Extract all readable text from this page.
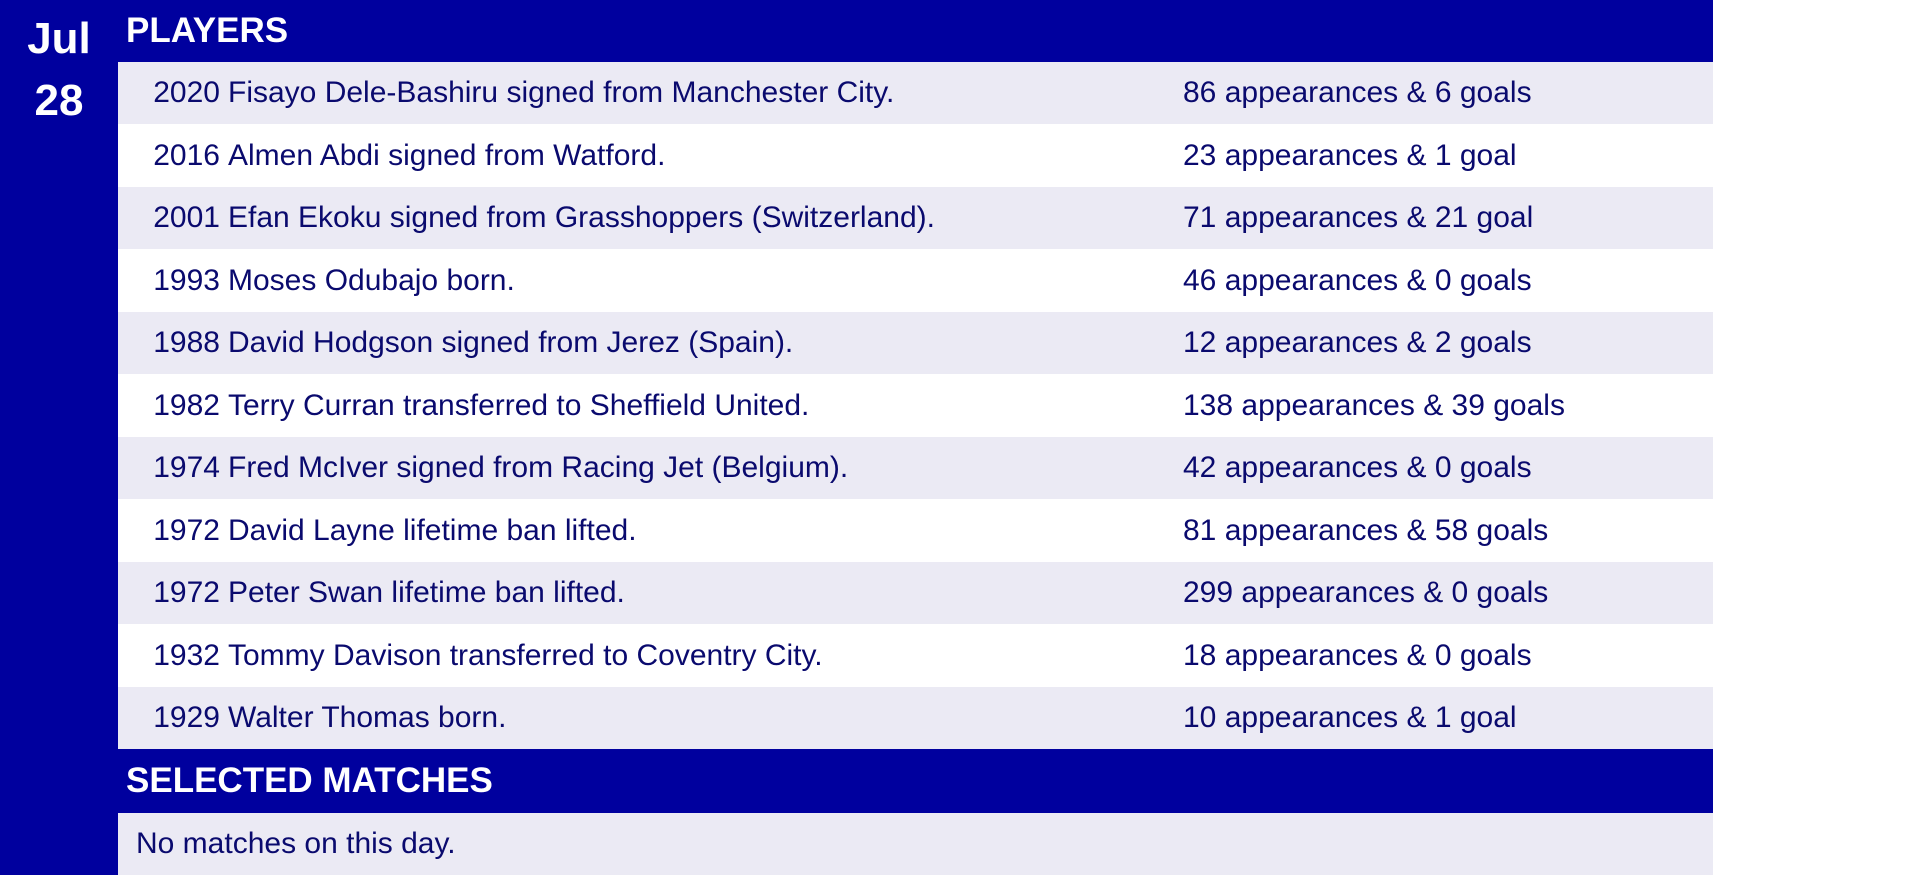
Jul
28
PLAYERS
2020 Fisayo Dele-Bashiru signed from Manchester City.	86 appearances & 6 goals
2016 Almen Abdi signed from Watford.	23 appearances & 1 goal
2001 Efan Ekoku signed from Grasshoppers (Switzerland).	71 appearances & 21 goal
1993 Moses Odubajo born.	46 appearances & 0 goals
1988 David Hodgson signed from Jerez (Spain).	12 appearances & 2 goals
1982 Terry Curran transferred to Sheffield United.	138 appearances & 39 goals
1974 Fred McIver signed from Racing Jet (Belgium).	42 appearances & 0 goals
1972 David Layne lifetime ban lifted.	81 appearances & 58 goals
1972 Peter Swan lifetime ban lifted.	299 appearances & 0 goals
1932 Tommy Davison transferred to Coventry City.	18 appearances & 0 goals
1929 Walter Thomas born.	10 appearances & 1 goal
SELECTED MATCHES
No matches on this day.
